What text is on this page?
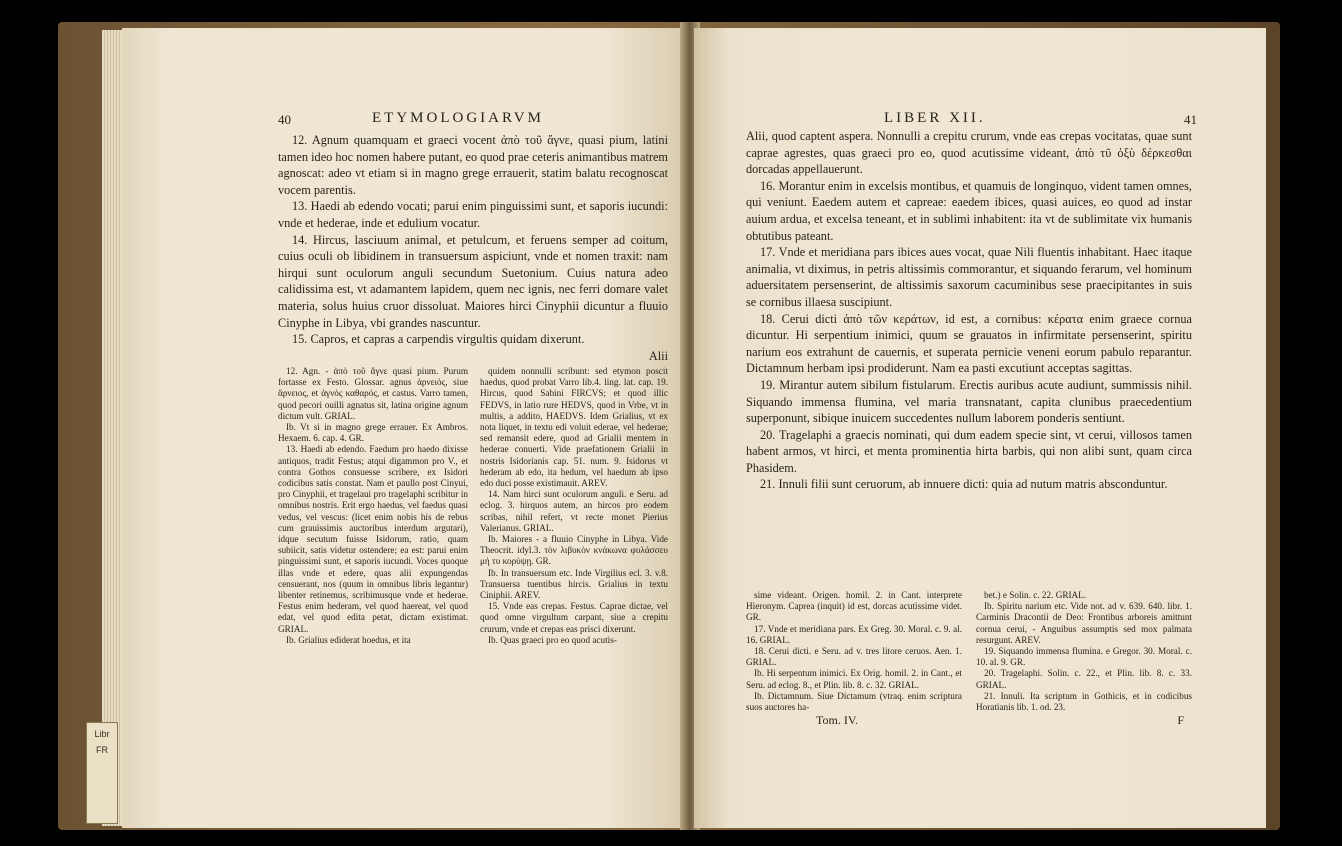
Libr
FR
40	ETYMOLOGIARVM

12. Agnum quamquam et graeci vocent ἀπὸ τοῦ ἄγνε, quasi pium, latini tamen ideo hoc nomen habere putant, eo quod prae ceteris animantibus matrem agnoscat: adeo vt etiam si in magno grege errauerit, statim balatu recognoscat vocem parentis.

13. Haedi ab edendo vocati; parui enim pinguissimi sunt, et saporis iucundi: vnde et hederae, inde et edulium vocatur.

14. Hircus, lasciuum animal, et petulcum, et feruens semper ad coitum, cuius oculi ob libidinem in transuersum aspiciunt, vnde et nomen traxit: nam hirqui sunt oculorum anguli secundum Suetonium. Cuius natura adeo calidissima est, vt adamantem lapidem, quem nec ignis, nec ferri domare valet materia, solus huius cruor dissoluat. Maiores hirci Cinyphii dicuntur a fluuio Cinyphe in Libya, vbi grandes nascuntur.

15. Capros, et capras a carpendis virgultis quidam dixerunt.

Alii

12. Agn. - ἀπὸ τοῦ ἄγνε quasi pium. Purum fortasse ex Festo. Glossar. agnus ἀρνειός, siue ἄρνειος, et ἁγνός καθαρός, et castus. Varro tamen, quod pecori ouilli agnatus sit, latina origine agnum dictum vult. GRIAL.

Ib. Vt si in magno grege errauer. Ex Ambros. Hexaem. 6. cap. 4. GR.

13. Haedi ab edendo. Faedum pro haedo dixisse antiquos, tradit Festus; atqui digammon pro V., et contra Gothos consuesse scribere, ex Isidori codicibus satis constat. Nam et paullo post Cinyui, pro Cinyphii, et tragelaui pro tragelaphi scribitur in omnibus nostris. Erit ergo haedus, vel faedus quasi vedus, vel vescus: (licet enim nobis his de rebus cum grauissimis auctoribus interdum argutari), idque secutum fuisse Isidorum, ratio, quam subiicit, satis videtur ostendere; ea est: parui enim pinguissimi sunt, et saporis iucundi. Voces quoque illas vnde et edere, quas alii expungendas censuerant, nos (quum in omnibus libris legantur) libenter retinemus, scribimusque vnde et hederae. Festus enim hederam, vel quod haereat, vel quod edat, vel quod edita petat, dictam existimat. GRIAL.

Ib. Grialius ediderat hoedus, et ita

quidem nonnulli scribunt: sed etymon poscit haedus, quod probat Varro lib.4. ling. lat. cap. 19. Hircus, quod Sabini FIRCVS; et quod illic FEDVS, in latio rure HEDVS, quod in Vrbe, vt in multis, a addito, HAEDVS. Idem Grialius, vt ex nota liquet, in textu edi voluit ederae, vel hederae; sed remansit edere, quod ad Grialii mentem in hederae conuerti. Vide praefationem Grialii in nostris Isidorianis cap. 51. num. 9. Isidorus vt hederam ab edo, ita hedum, vel haedum ab ipso edo duci posse existimauit. AREV.

14. Nam hirci sunt oculorum anguli. e Seru. ad eclog. 3. hirquos autem, an hircos pro eodem scribas, nihil refert, vt recte monet Pierius Valerianus. GRIAL.

Ib. Maiores - a fluuio Cinyphe in Libya. Vide Theocrit. idyl.3. τὸν λιβυκὸν κνάκωνα φυλάσσευ μή τυ κορύψῃ. GR.

Ib. In transuersum etc. Inde Virgilius ecl. 3. v.8. Transuersa tuentibus hircis. Grialius in textu Ciniphii. AREV.

15. Vnde eas crepas. Festus. Caprae dictae, vel quod omne virgultum carpant, siue a crepitu crurum, vnde et crepas eas prisci dixerunt.

Ib. Quas graeci pro eo quod acutis-

LIBER XII.	41

Alii, quod captent aspera. Nonnulli a crepitu crurum, vnde eas crepas vocitatas, quae sunt caprae agrestes, quas graeci pro eo, quod acutissime videant, ἀπὸ τῦ ὀξὺ δέρκεσθαι dorcadas appellauerunt.

16. Morantur enim in excelsis montibus, et quamuis de longinquo, vident tamen omnes, qui veniunt. Eaedem autem et capreae: eaedem ibices, quasi auices, eo quod ad instar auium ardua, et excelsa teneant, et in sublimi inhabitent: ita vt de sublimitate vix humanis obtutibus pateant.

17. Vnde et meridiana pars ibices aues vocat, quae Nili fluentis inhabitant. Haec itaque animalia, vt diximus, in petris altissimis commorantur, et siquando ferarum, vel hominum aduersitatem persenserint, de altissimis saxorum cacuminibus sese praecipitantes in suis se cornibus illaesa suscipiunt.

18. Cerui dicti ἀπὸ τῶν κεράτων, id est, a cornibus: κέρατα enim graece cornua dicuntur. Hi serpentium inimici, quum se grauatos in infirmitate persenserint, spiritu narium eos extrahunt de cauernis, et superata pernicie veneni eorum pabulo reparantur. Dictamnum herbam ipsi prodiderunt. Nam ea pasti excutiunt acceptas sagittas.

19. Mirantur autem sibilum fistularum. Erectis auribus acute audiunt, summissis nihil. Siquando immensa flumina, vel maria transnatant, capita clunibus praecedentium superponunt, sibique inuicem succedentes nullum laborem ponderis sentiunt.

20. Tragelaphi a graecis nominati, qui dum eadem specie sint, vt cerui, villosos tamen habent armos, vt hirci, et menta prominentia hirta barbis, qui non alibi sunt, quam circa Phasidem.

21. Innuli filii sunt ceruorum, ab innuere dicti: quia ad nutum matris absconduntur.

sime videant. Origen. homil. 2. in Cant. interprete Hieronym. Caprea (inquit) id est, dorcas acutissime videt. GR.

17. Vnde et meridiana pars. Ex Greg. 30. Moral. c. 9. al. 16. GRIAL.

18. Cerui dicti. e Seru. ad v. tres litore ceruos. Aen. 1. GRIAL.

Ib. Hi serpentum inimici. Ex Orig. homil. 2. in Cant., et Seru. ad eclog. 8., et Plin. lib. 8. c. 32. GRIAL.

Ib. Dictamnum. Siue Dictamum (vtraq. enim scriptura suos auctores ha-

Tom. IV.

bet.) e Solin. c. 22. GRIAL.

Ib. Spiritu narium etc. Vide not. ad v. 639. 640. libr. 1. Carminis Dracontii de Deo: Frontibus arboreis amittunt cornua cerui, - Anguibus assumptis sed mox palmata resurgunt. AREV.

19. Siquando immensa flumina. e Gregor. 30. Moral. c. 10. al. 9. GR.

20. Tragelaphi. Solin. c. 22., et Plin. lib. 8. c. 33. GRIAL.

21. Innuli. Ita scriptum in Gothicis, et in codicibus Horatianis lib. 1. od. 23.

F
